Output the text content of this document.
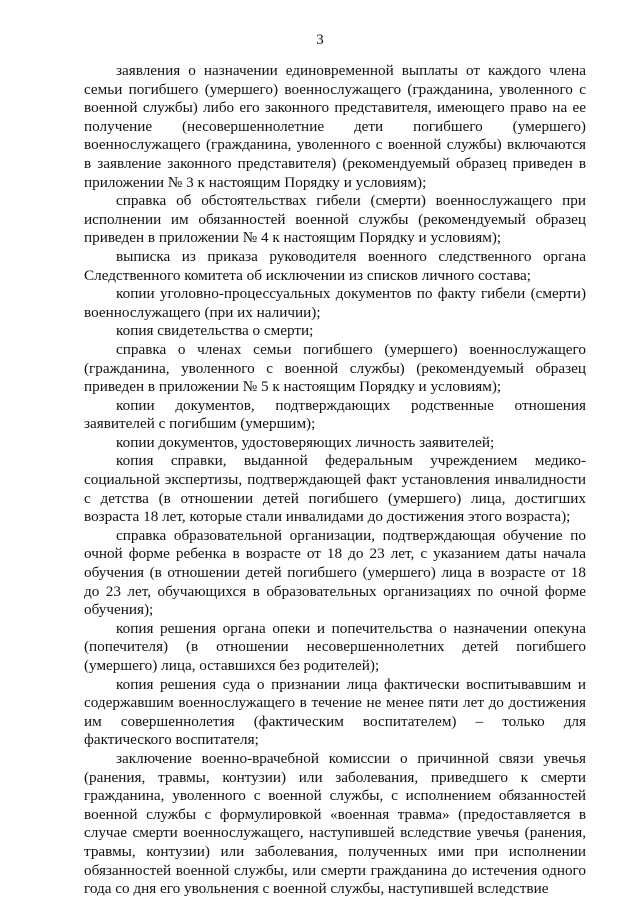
3

заявления о назначении единовременной выплаты от каждого члена семьи погибшего (умершего) военнослужащего (гражданина, уволенного с военной службы) либо его законного представителя, имеющего право на ее получение (несовершеннолетние дети погибшего (умершего) военнослужащего (гражданина, уволенного с военной службы) включаются в заявление законного представителя) (рекомендуемый образец приведен в приложении № 3 к настоящим Порядку и условиям);

справка об обстоятельствах гибели (смерти) военнослужащего при исполнении им обязанностей военной службы (рекомендуемый образец приведен в приложении № 4 к настоящим Порядку и условиям);

выписка из приказа руководителя военного следственного органа Следственного комитета об исключении из списков личного состава;

копии уголовно-процессуальных документов по факту гибели (смерти) военнослужащего (при их наличии);

копия свидетельства о смерти;

справка о членах семьи погибшего (умершего) военнослужащего (гражданина, уволенного с военной службы) (рекомендуемый образец приведен в приложении № 5 к настоящим Порядку и условиям);

копии документов, подтверждающих родственные отношения заявителей с погибшим (умершим);

копии документов, удостоверяющих личность заявителей;

копия справки, выданной федеральным учреждением медико-социальной экспертизы, подтверждающей факт установления инвалидности с детства (в отношении детей погибшего (умершего) лица, достигших возраста 18 лет, которые стали инвалидами до достижения этого возраста);

справка образовательной организации, подтверждающая обучение по очной форме ребенка в возрасте от 18 до 23 лет, с указанием даты начала обучения (в отношении детей погибшего (умершего) лица в возрасте от 18 до 23 лет, обучающихся в образовательных организациях по очной форме обучения);

копия решения органа опеки и попечительства о назначении опекуна (попечителя) (в отношении несовершеннолетних детей погибшего (умершего) лица, оставшихся без родителей);

копия решения суда о признании лица фактически воспитывавшим и содержавшим военнослужащего в течение не менее пяти лет до достижения им совершеннолетия (фактическим воспитателем) – только для фактического воспитателя;

заключение военно-врачебной комиссии о причинной связи увечья (ранения, травмы, контузии) или заболевания, приведшего к смерти гражданина, уволенного с военной службы, с исполнением обязанностей военной службы с формулировкой «военная травма» (предоставляется в случае смерти военнослужащего, наступившей вследствие увечья (ранения, травмы, контузии) или заболевания, полученных ими при исполнении обязанностей военной службы, или смерти гражданина до истечения одного года со дня его увольнения с военной службы, наступившей вследствие
